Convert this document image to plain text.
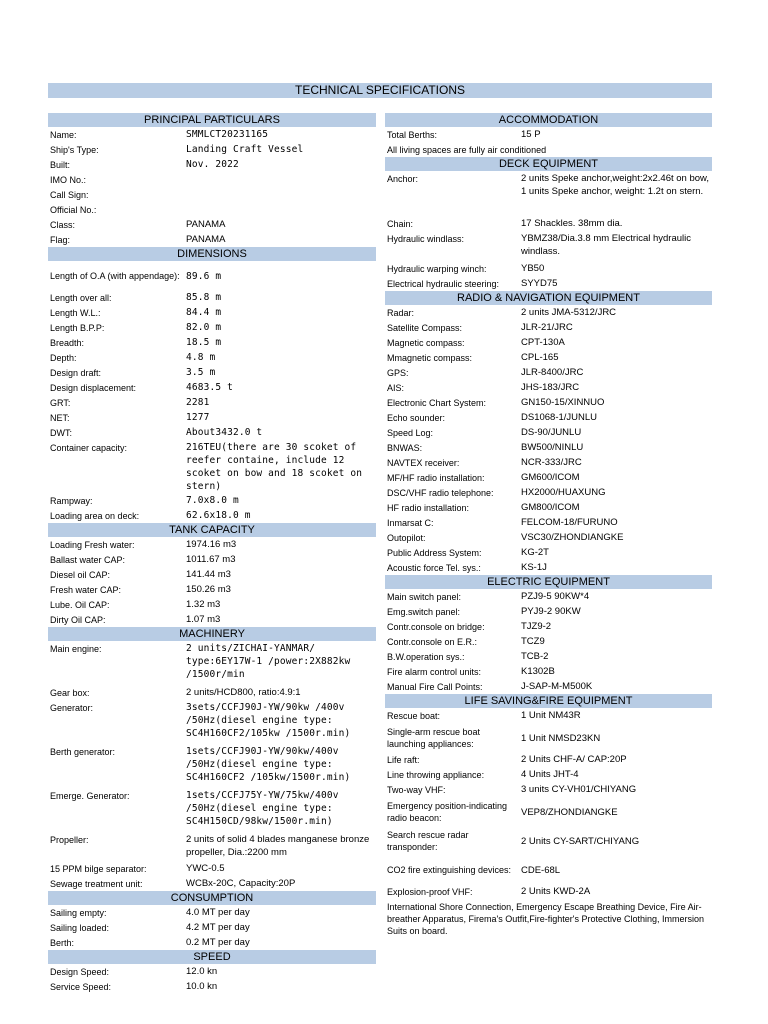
TECHNICAL SPECIFICATIONS
PRINCIPAL PARTICULARS
Name:	SMMLCT20231165
Ship's Type:	Landing Craft Vessel
Built:	Nov. 2022
IMO No.:
Call Sign:
Official No.:
Class:	PANAMA
Flag:	PANAMA
DIMENSIONS
Length of O.A (with appendage): 89.6 m
Length over all:	85.8 m
Length W.L.:	84.4 m
Length B.P.P:	82.0 m
Breadth:	18.5 m
Depth:	4.8 m
Design draft:	3.5 m
Design displacement:	4683.5 t
GRT:	2281
NET:	1277
DWT:	About3432.0 t
Container capacity:	216TEU(there are 30 scoket of reefer containe, include 12 scoket on bow and 18 scoket on stern)
Rampway:	7.0x8.0 m
Loading area on deck:	62.6x18.0 m
TANK CAPACITY
Loading Fresh water:	1974.16 m3
Ballast water CAP:	1011.67 m3
Diesel oil CAP:	141.44 m3
Fresh water CAP:	150.26 m3
Lube. Oil CAP:	1.32 m3
Dirty Oil CAP:	1.07 m3
MACHINERY
Main engine:	2 units/ZICHAI-YANMAR/ type:6EY17W-1 /power:2X882kw /1500r/min
Gear box:	2 units/HCD800, ratio:4.9:1
Generator:	3sets/CCFJ90J-YW/90kw /400v /50Hz(diesel engine type: SC4H160CF2/105kw /1500r.min)
Berth generator:	1sets/CCFJ90J-YW/90kw/400v /50Hz(diesel engine type: SC4H160CF2 /105kw/1500r.min)
Emerge. Generator:	1sets/CCFJ75Y-YW/75kw/400v /50Hz(diesel engine type: SC4H150CD/98kw/1500r.min)
Propeller:	2 units of solid 4 blades manganese bronze propeller, Dia.:2200 mm
15 PPM bilge separator:	YWC-0.5
Sewage treatment unit:	WCBx-20C, Capacity:20P
CONSUMPTION
Sailing empty:	4.0 MT per day
Sailing loaded:	4.2 MT per day
Berth:	0.2 MT per day
SPEED
Design Speed:	12.0 kn
Service Speed:	10.0 kn
ACCOMMODATION
Total Berths:	15 P
All living spaces are fully air conditioned
DECK EQUIPMENT
Anchor:	2 units Speke anchor,weight:2x2.46t on bow, 1 units Speke anchor, weight: 1.2t on stern.
Chain:	17 Shackles. 38mm dia.
Hydraulic windlass:	YBMZ38/Dia.3.8 mm Electrical hydraulic windlass.
Hydraulic warping winch:	YB50
Electrical hydraulic steering:	SYYD75
RADIO & NAVIGATION EQUIPMENT
Radar:	2 units JMA-5312/JRC
Satellite Compass:	JLR-21/JRC
Magnetic compass:	CPT-130A
Mmagnetic compass:	CPL-165
GPS:	JLR-8400/JRC
AIS:	JHS-183/JRC
Electronic Chart System:	GN150-15/XINNUO
Echo sounder:	DS1068-1/JUNLU
Speed Log:	DS-90/JUNLU
BNWAS:	BW500/NINLU
NAVTEX receiver:	NCR-333/JRC
MF/HF radio installation:	GM600/ICOM
DSC/VHF radio telephone:	HX2000/HUAXUNG
HF radio installation:	GM800/ICOM
Inmarsat C:	FELCOM-18/FURUNO
Outopilot:	VSC30/ZHONDIANGKE
Public Address System:	KG-2T
Acoustic force Tel. sys.:	KS-1J
ELECTRIC EQUIPMENT
Main switch panel:	PZJ9-5 90KW*4
Emg.switch panel:	PYJ9-2 90KW
Contr.console on bridge:	TJZ9-2
Contr.console on E.R.:	TCZ9
B.W.operation sys.:	TCB-2
Fire alarm control units:	K1302B
Manual Fire Call Points:	J-SAP-M-M500K
LIFE SAVING&FIRE EQUIPMENT
Rescue boat:	1 Unit NM43R
Single-arm rescue boat launching appliances:
1 Unit NMSD23KN
Life raft:	2 Units CHF-A/ CAP:20P
Line throwing appliance:	4 Units JHT-4
Two-way VHF:	3 units CY-VH01/CHIYANG
Emergency position-indicating radio beacon:
VEP8/ZHONDIANGKE
Search rescue radar transponder:
2 Units CY-SART/CHIYANG
CO2 fire extinguishing devices:	CDE-68L
Explosion-proof VHF:	2 Units KWD-2A
International Shore Connection, Emergency Escape Breathing Device, Fire Air-breather Apparatus, Firema's Outfit,Fire-fighter's Protective Clothing, Immersion Suits on board.
